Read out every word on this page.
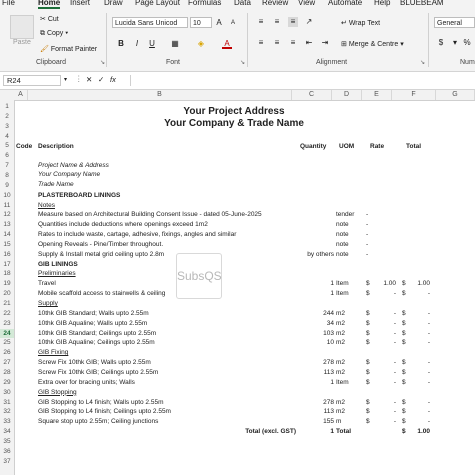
File	Home Insert Draw Page Layout Formulas Data Review View Automate Help BLUEBEAM
Paste
✂ Cut
⧉ Copy ▾
🖌 Format Painter
Clipboard	↘
Lucida Sans Unicod	10	A	A
B	I	U ▦ ◈	A
Font	↘
≡	≡	≡	↗
≡	≡	≡	⇤ ⇥
↵ Wrap Text
⊞ Merge & Centre ▾
Alignment	↘
General
$	▾ %
Num
R24	▾ ⋮ ✕ ✓ fx
A	B	C	D	E	F	G
1
2
3
4
5
6
7
8
9
10
11
12
13
14
15
16
17
18
19
20
21
22
23
24
25
26
27
28
29
30
31
32
33
34
35
36
37
Your Project Address
Your Company & Trade Name
Code Description	Quantity UOM Rate	Total
Project Name & Address
Your Company Name
Trade Name
PLASTERBOARD LININGS
Notes
Measure based on Architectural Building Consent Issue - dated 05-June-2025	tender -
Quantities include deductions where openings exceed 1m2	note	-
Rates to include waste, cartage, adhesive, fixings, angles and similar	note	-
Opening Reveals - Pine/Timber throughout.	note	-
Supply & Install metal grid ceiling upto 2.8m	by others note	-
GIB LININGS
Preliminaries
Travel	1 Item	$	1.00 $	1.00
Mobile scaffold access to stairwells & ceiling	1 Item	$	- $	-
Supply
10thk GIB Standard; Walls upto 2.55m	244 m2	$	- $	-
10thk GIB Aqualine; Walls upto 2.55m	34 m2	$	- $	-
10thk GIB Standard; Ceilings upto 2.55m	103 m2	$	- $	-
10thk GIB Aqualine; Ceilings upto 2.55m	10 m2	$	- $	-
GIB Fixing
Screw Fix 10thk GIB; Walls upto 2.55m	278 m2	$	- $	-
Screw Fix 10thk GIB; Ceilings upto 2.55m	113 m2	$	- $	-
Extra over for bracing units; Walls	1 Item	$	- $	-
GIB Stopping
GIB Stopping to L4 finish; Walls upto 2.55m	278 m2	$	- $	-
GIB Stopping to L4 finish; Ceilings upto 2.55m	113 m2	$	- $	-
Square stop upto 2.55m; Ceiling junctions	155 m	$	- $	-
Total (excl. GST)	1 Total	$	1.00
SubsQS
